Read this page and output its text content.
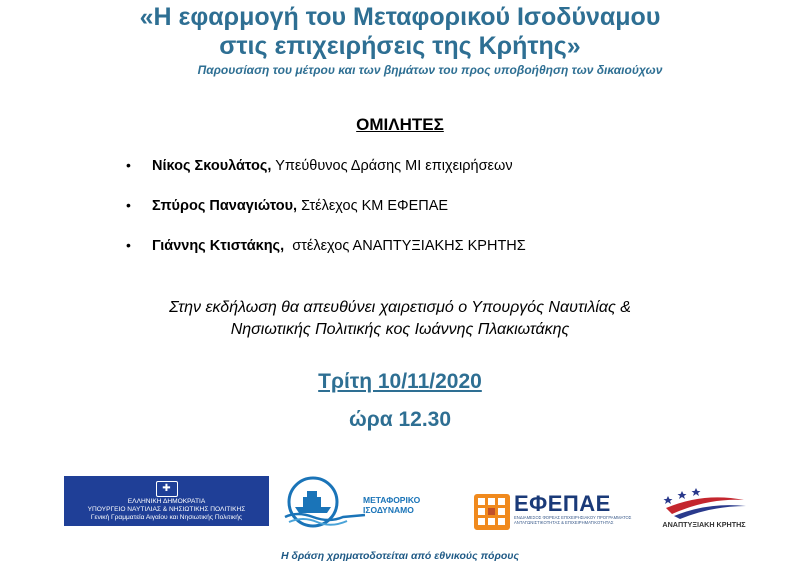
«Η εφαρμογή του Μεταφορικού Ισοδύναμου
στις επιχειρήσεις της Κρήτης»
Παρουσίαση του μέτρου και των βημάτων του προς υποβοήθηση των δικαιούχων
ΟΜΙΛΗΤΕΣ
• Νίκος Σκουλάτος, Υπεύθυνος Δράσης ΜΙ επιχειρήσεων
• Σπύρος Παναγιώτου, Στέλεχος ΚΜ ΕΦΕΠΑΕ
• Γιάννης Κτιστάκης,  στέλεχος ΑΝΑΠΤΥΞΙΑΚΗΣ ΚΡΗΤΗΣ
Στην εκδήλωση θα απευθύνει χαιρετισμό ο Υπουργός Ναυτιλίας &
Νησιωτικής Πολιτικής κος Ιωάννης Πλακιωτάκης
Τρίτη 10/11/2020
ώρα 12.30
✚
ΕΛΛΗΝΙΚΗ ΔΗΜΟΚΡΑΤΙΑ
ΥΠΟΥΡΓΕΙΟ ΝΑΥΤΙΛΙΑΣ & ΝΗΣΙΩΤΙΚΗΣ ΠΟΛΙΤΙΚΗΣ
Γενική Γραμματεία Αιγαίου και Νησιωτικής Πολιτικής
ΜΕΤΑΦΟΡΙΚΟ
ΙΣΟΔΥΝΑΜΟ	ΕΦΕΠΑΕ
ΕΝΔΙΑΜΕΣΟΣ ΦΟΡΕΑΣ ΕΠΙΧΕΙΡΗΣΙΑΚΟΥ ΠΡΟΓΡΑΜΜΑΤΟΣ
ΑΝΤΑΓΩΝΙΣΤΙΚΟΤΗΤΑΣ & ΕΠΙΧΕΙΡΗΜΑΤΙΚΟΤΗΤΑΣ	ΑΝΑΠΤΥΞΙΑΚΗ ΚΡΗΤΗΣ
Η δράση χρηματοδοτείται από εθνικούς πόρους
